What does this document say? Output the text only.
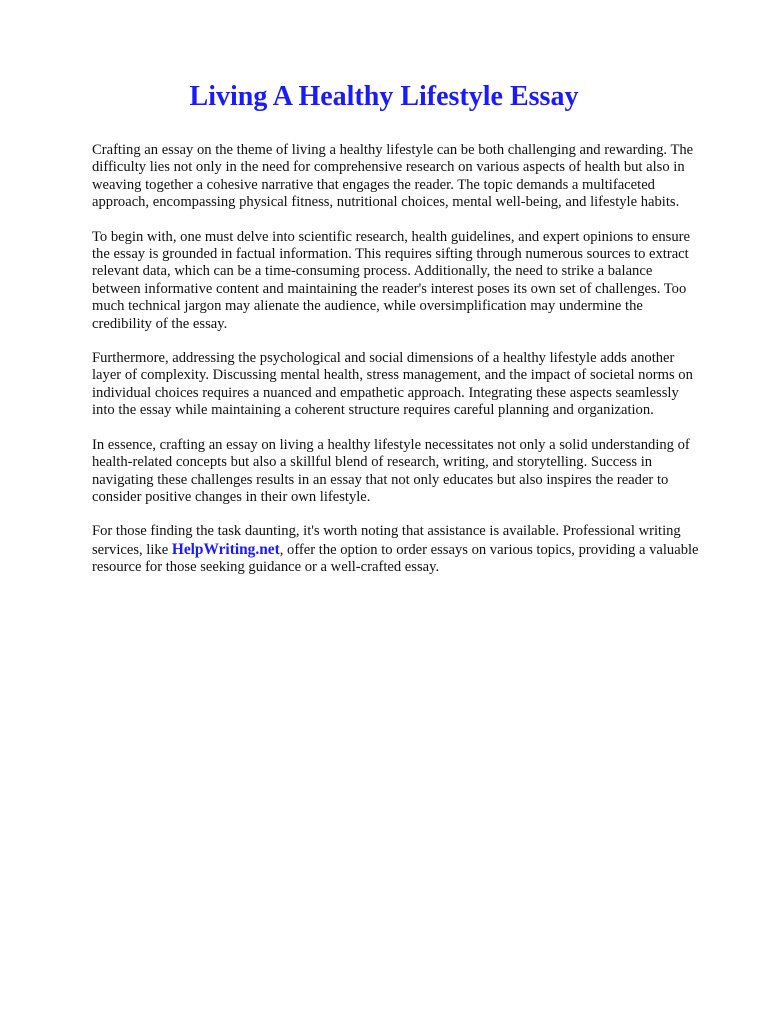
Living A Healthy Lifestyle Essay

Crafting an essay on the theme of living a healthy lifestyle can be both challenging and rewarding. The difficulty lies not only in the need for comprehensive research on various aspects of health but also in weaving together a cohesive narrative that engages the reader. The topic demands a multifaceted approach, encompassing physical fitness, nutritional choices, mental well-being, and lifestyle habits.

To begin with, one must delve into scientific research, health guidelines, and expert opinions to ensure the essay is grounded in factual information. This requires sifting through numerous sources to extract relevant data, which can be a time-consuming process. Additionally, the need to strike a balance between informative content and maintaining the reader's interest poses its own set of challenges. Too much technical jargon may alienate the audience, while oversimplification may undermine the credibility of the essay.

Furthermore, addressing the psychological and social dimensions of a healthy lifestyle adds another layer of complexity. Discussing mental health, stress management, and the impact of societal norms on individual choices requires a nuanced and empathetic approach. Integrating these aspects seamlessly into the essay while maintaining a coherent structure requires careful planning and organization.

In essence, crafting an essay on living a healthy lifestyle necessitates not only a solid understanding of health-related concepts but also a skillful blend of research, writing, and storytelling. Success in navigating these challenges results in an essay that not only educates but also inspires the reader to consider positive changes in their own lifestyle.

For those finding the task daunting, it's worth noting that assistance is available. Professional writing services, like HelpWriting.net, offer the option to order essays on various topics, providing a valuable resource for those seeking guidance or a well-crafted essay.
